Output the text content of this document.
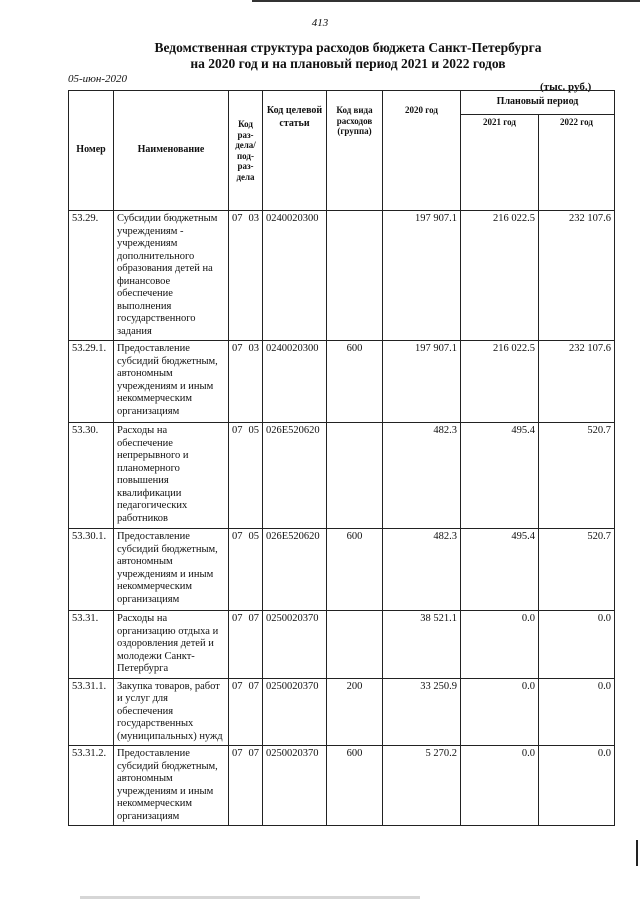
413
Ведомственная структура расходов бюджета Санкт-Петербурга
на 2020 год и на плановый период 2021 и 2022 годов
05-июн-2020
(тыс. руб.)
Номер	Наименование	Код раз- дела/ под- раз- дела		Код целевой статьи	Код вида расходов (группа)	2020 год	Плановый период	
							2021 год	2022 год
53.29.	Субсидии бюджетным учреждениям - учреждениям дополнительного образования детей на финансовое обеспечение выполнения государственного задания	07	03	0240020300		197 907.1	216 022.5	232 107.6
53.29.1.	Предоставление субсидий бюджетным, автономным учреждениям и иным некоммерческим организациям	07	03	0240020300	600	197 907.1	216 022.5	232 107.6
53.30.	Расходы на обеспечение непрерывного и планомерного повышения квалификации педагогических работников	07	05	026E520620		482.3	495.4	520.7
53.30.1.	Предоставление субсидий бюджетным, автономным учреждениям и иным некоммерческим организациям	07	05	026E520620	600	482.3	495.4	520.7
53.31.	Расходы на организацию отдыха и оздоровления детей и молодежи Санкт-Петербурга	07	07	0250020370		38 521.1	0.0	0.0
53.31.1.	Закупка товаров, работ и услуг для обеспечения государственных (муниципальных) нужд	07	07	0250020370	200	33 250.9	0.0	0.0
53.31.2.	Предоставление субсидий бюджетным, автономным учреждениям и иным некоммерческим организациям	07	07	0250020370	600	5 270.2	0.0	0.0
